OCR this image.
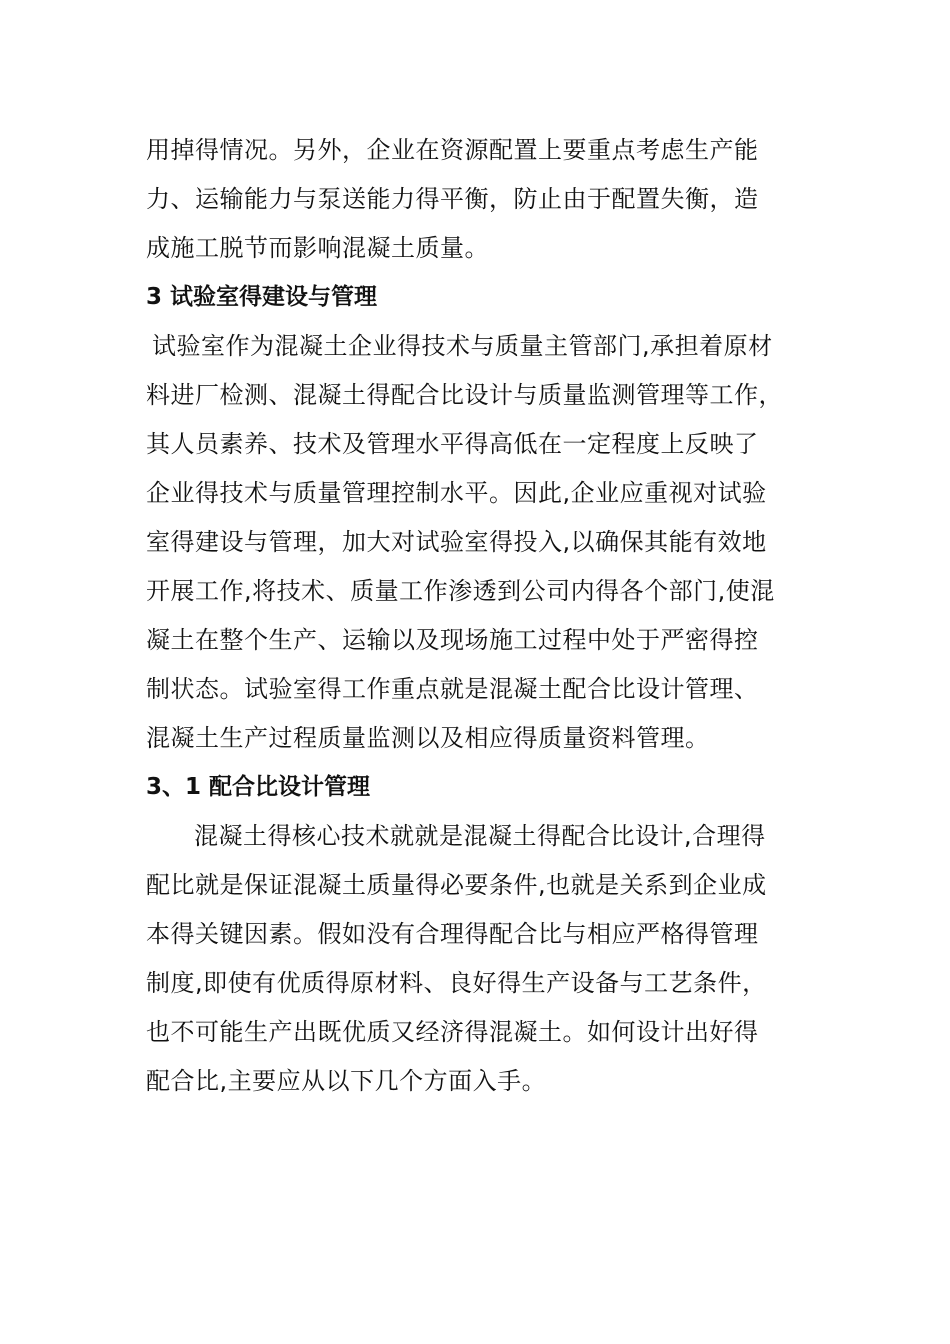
用掉得情况。另外，企业在资源配置上要重点考虑生产能
力、运输能力与泵送能力得平衡，防止由于配置失衡，造
成施工脱节而影响混凝土质量。
3 试验室得建设与管理
试验室作为混凝土企业得技术与质量主管部门,承担着原材
料进厂检测、混凝土得配合比设计与质量监测管理等工作，
其人员素养、技术及管理水平得高低在一定程度上反映了
企业得技术与质量管理控制水平。因此,企业应重视对试验
室得建设与管理，加大对试验室得投入,以确保其能有效地
开展工作,将技术、质量工作渗透到公司内得各个部门,使混
凝土在整个生产、运输以及现场施工过程中处于严密得控
制状态。试验室得工作重点就是混凝土配合比设计管理、
混凝土生产过程质量监测以及相应得质量资料管理。
3、1 配合比设计管理
混凝土得核心技术就就是混凝土得配合比设计,合理得
配比就是保证混凝土质量得必要条件,也就是关系到企业成
本得关键因素。假如没有合理得配合比与相应严格得管理
制度,即使有优质得原材料、良好得生产设备与工艺条件，
也不可能生产出既优质又经济得混凝土。如何设计出好得
配合比,主要应从以下几个方面入手。
